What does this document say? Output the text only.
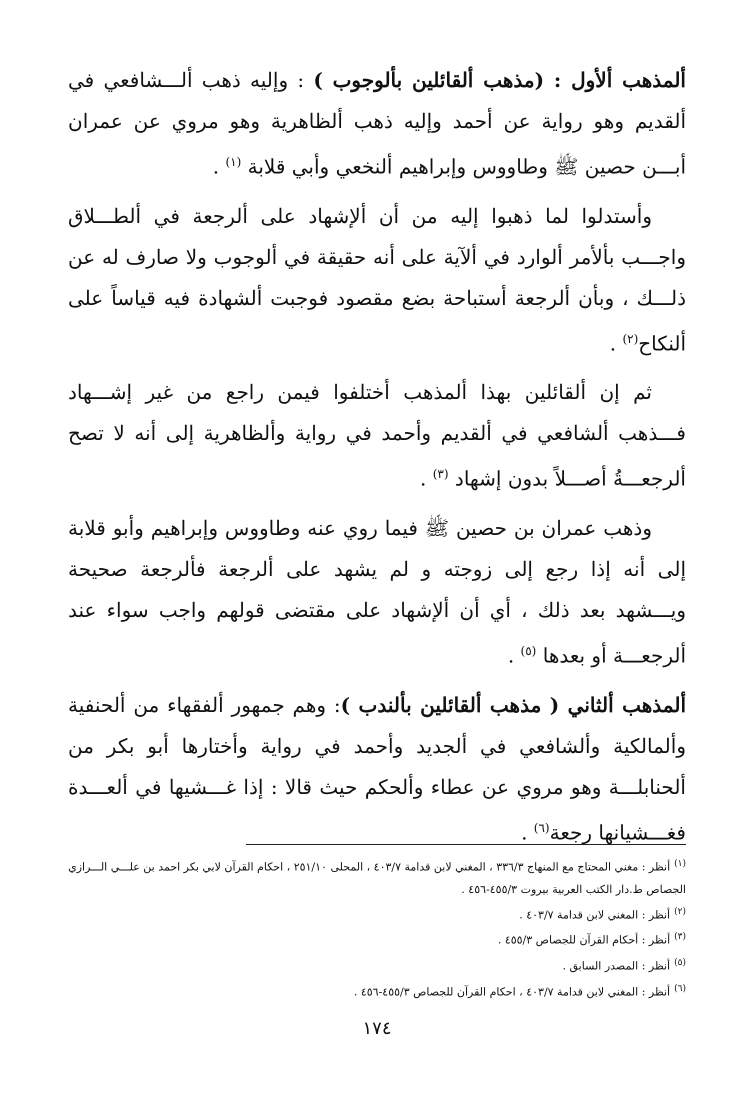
ألمذهب ألأول : (مذهب ألقائلين بألوجوب ) : وإليه ذهب ألـــشافعي في ألقديم وهو رواية عن أحمد وإليه ذهب ألظاهرية وهو مروي عن عمران أبـــن حصين ﷺ وطاووس وإبراهيم ألنخعي وأبي قلابة $^{(١)}$ .

وأستدلوا لما ذهبوا إليه من أن ألإشهاد على ألرجعة في ألطـــلاق واجـــب بألأمر ألوارد في ألآية على أنه حقيقة في ألوجوب ولا صارف له عن ذلـــك ، وبأن ألرجعة أستباحة بضع مقصود فوجبت ألشهادة فيه قياساً على ألنكاح$^{(٢)}$ .

ثم إن ألقائلين بهذا ألمذهب أختلفوا فيمن راجع من غير إشـــهاد فـــذهب ألشافعي في ألقديم وأحمد في رواية وألظاهرية إلى أنه لا تصح ألرجعـــةُ أصـــلاً بدون إشهاد $^{(٣)}$ .

وذهب عمران بن حصين ﷺ فيما روي عنه وطاووس وإبراهيم وأبو قلابة إلى أنه إذا رجع إلى زوجته و لم يشهد على ألرجعة فألرجعة صحيحة ويـــشهد بعد ذلك ، أي أن ألإشهاد على مقتضى قولهم واجب سواء عند ألرجعـــة أو بعدها $^{(٥)}$ .

ألمذهب ألثاني ( مذهب ألقائلين بألندب ): وهم جمهور ألفقهاء من ألحنفية وألمالكية وألشافعي في ألجديد وأحمد في رواية وأختارها أبو بكر من ألحنابلـــة وهو مروي عن عطاء وألحكم حيث قالا : إذا غـــشيها في ألعـــدة فغـــشيانها رجعة$^{(٦)}$ .

$^{(١)}$أنظر : مغني المحتاج مع المنهاج ٣٣٦/٣ ، المغني لابن قدامة ٤٠٣/٧ ، المحلى ٢٥١/١٠ ، احكام القرآن لابي بكر احمد بن علـــي الـــرازي الجصاص ط.دار الكتب العربية بيروت ٤٥٥/٣-٤٥٦ .

$^{(٢)}$أنظر : المغني لابن قدامة ٤٠٣/٧ .

$^{(٣)}$أنظر : أحكام القرآن للجصاص ٤٥٥/٣ .

$^{(٥)}$أنظر : المصدر السابق .

$^{(٦)}$أنظر : المغني لابن قدامة ٤٠٣/٧ ، احكام القرآن للجصاص ٤٥٥/٣-٤٥٦ .

١٧٤
